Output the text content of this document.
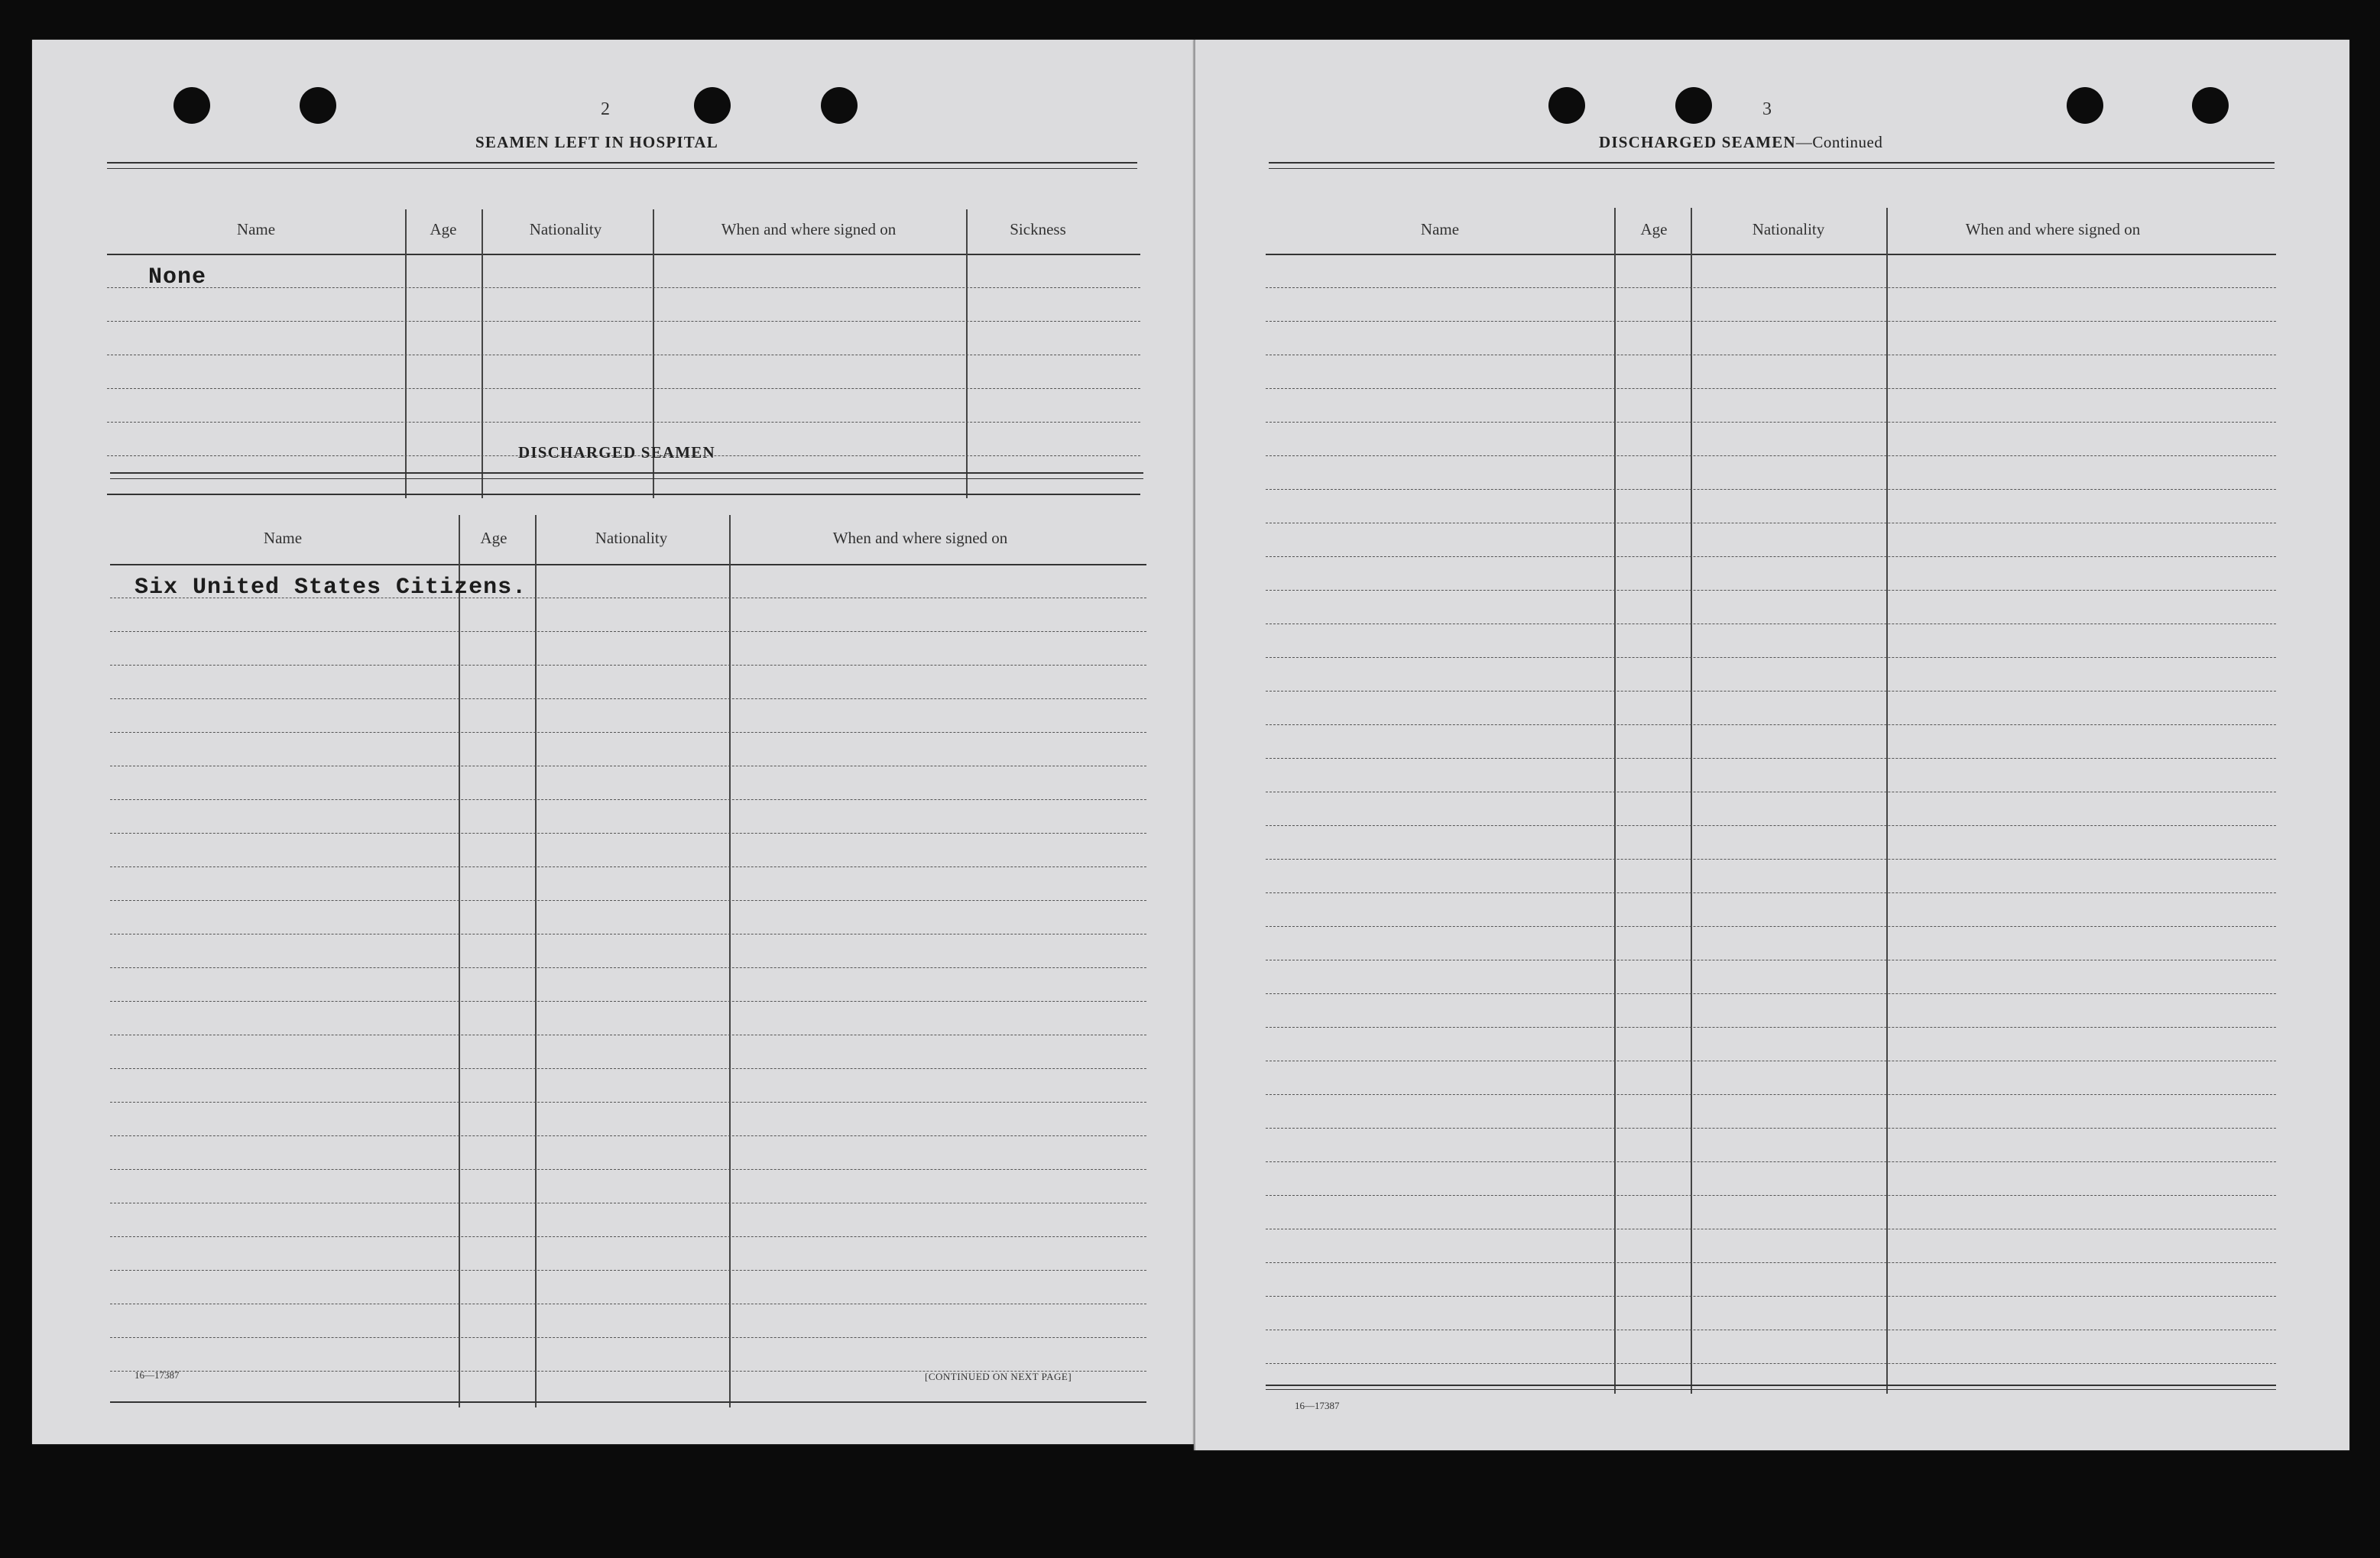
2
SEAMEN LEFT IN HOSPITAL
Name	Age	Nationality	When and where signed on	Sickness
None
DISCHARGED SEAMEN
Name	Age	Nationality	When and where signed on
Six United States Citizens.
16—17387	[CONTINUED ON NEXT PAGE]
3
DISCHARGED SEAMEN—Continued
Name	Age	Nationality	When and where signed on
16—17387
